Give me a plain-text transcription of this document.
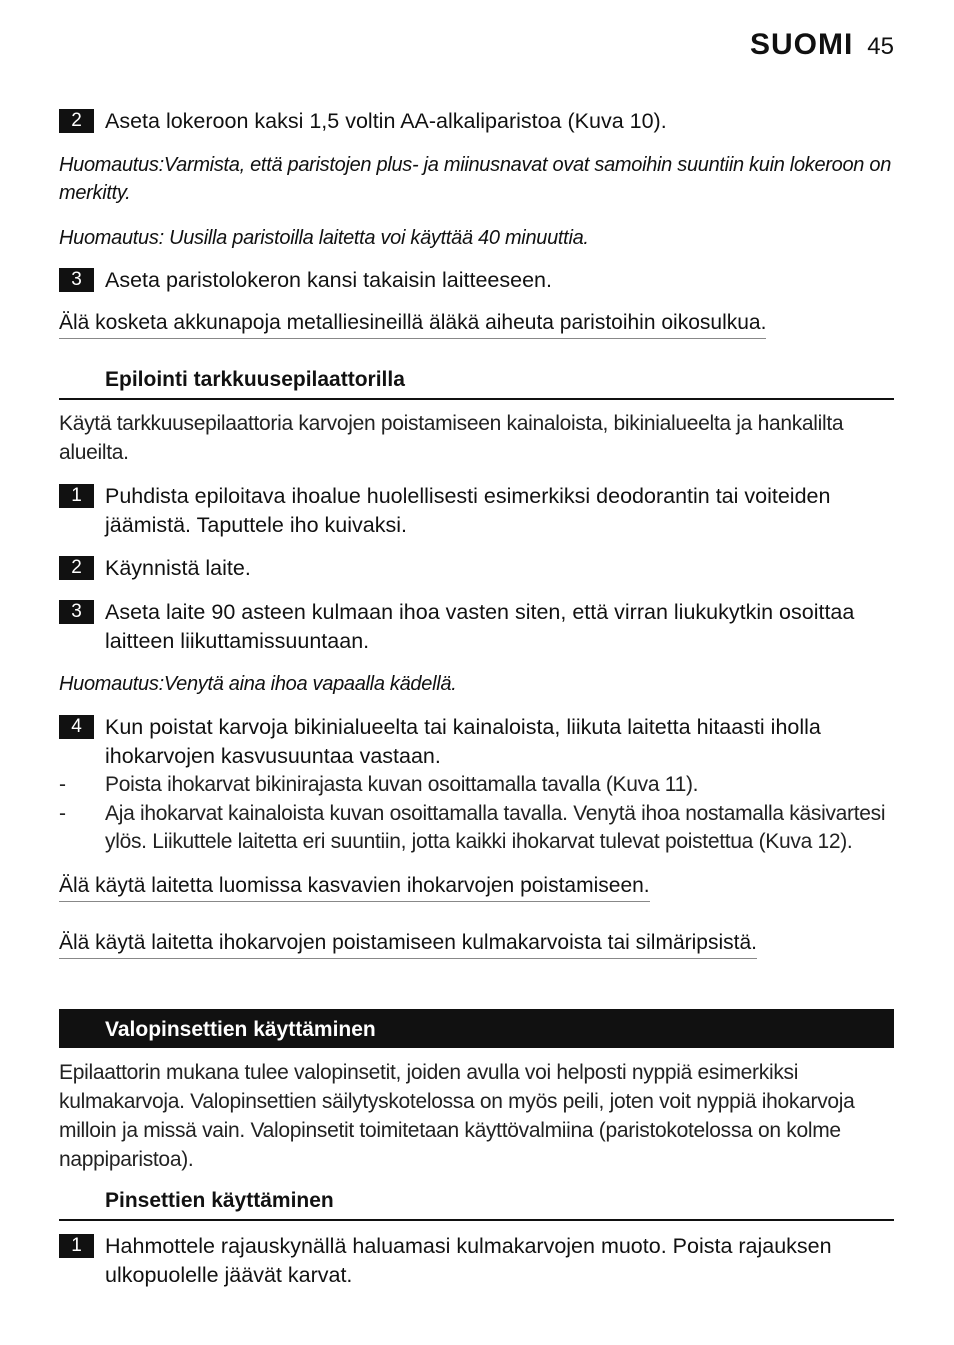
SUOMI 45
2	Aseta lokeroon kaksi 1,5 voltin AA-alkaliparistoa (Kuva 10).
Huomautus:Varmista, että paristojen plus- ja miinusnavat ovat samoihin suuntiin kuin lokeroon on merkitty.
Huomautus: Uusilla paristoilla laitetta voi käyttää 40 minuuttia.
3	Aseta paristolokeron kansi takaisin laitteeseen.
Älä kosketa akkunapoja metalliesineillä äläkä aiheuta paristoihin oikosulkua.
Epilointi tarkkuusepilaattorilla
Käytä tarkkuusepilaattoria karvojen poistamiseen kainaloista, bikinialueelta ja hankalilta alueilta.
1	Puhdista epiloitava ihoalue huolellisesti esimerkiksi deodorantin tai voiteiden jäämistä. Taputtele iho kuivaksi.
2	Käynnistä laite.
3	Aseta laite 90 asteen kulmaan ihoa vasten siten, että virran liukukytkin osoittaa laitteen liikuttamissuuntaan.
Huomautus:Venytä aina ihoa vapaalla kädellä.
4	Kun poistat karvoja bikinialueelta tai kainaloista, liikuta laitetta hitaasti iholla ihokarvojen kasvusuuntaa vastaan.
-	Poista ihokarvat bikinirajasta kuvan osoittamalla tavalla (Kuva 11).
-	Aja ihokarvat kainaloista kuvan osoittamalla tavalla. Venytä ihoa nostamalla käsivartesi ylös. Liikuttele laitetta eri suuntiin, jotta kaikki ihokarvat tulevat poistettua (Kuva 12).
Älä käytä laitetta luomissa kasvavien ihokarvojen poistamiseen.
Älä käytä laitetta ihokarvojen poistamiseen kulmakarvoista tai silmäripsistä.
Valopinsettien käyttäminen
Epilaattorin mukana tulee valopinsetit, joiden avulla voi helposti nyppiä esimerkiksi kulmakarvoja. Valopinsettien säilytyskotelossa on myös peili, joten voit nyppiä ihokarvoja milloin ja missä vain. Valopinsetit toimitetaan käyttövalmiina (paristokotelossa on kolme nappiparistoa).
Pinsettien käyttäminen
1	Hahmottele rajauskynällä haluamasi kulmakarvojen muoto. Poista rajauksen ulkopuolelle jäävät karvat.
